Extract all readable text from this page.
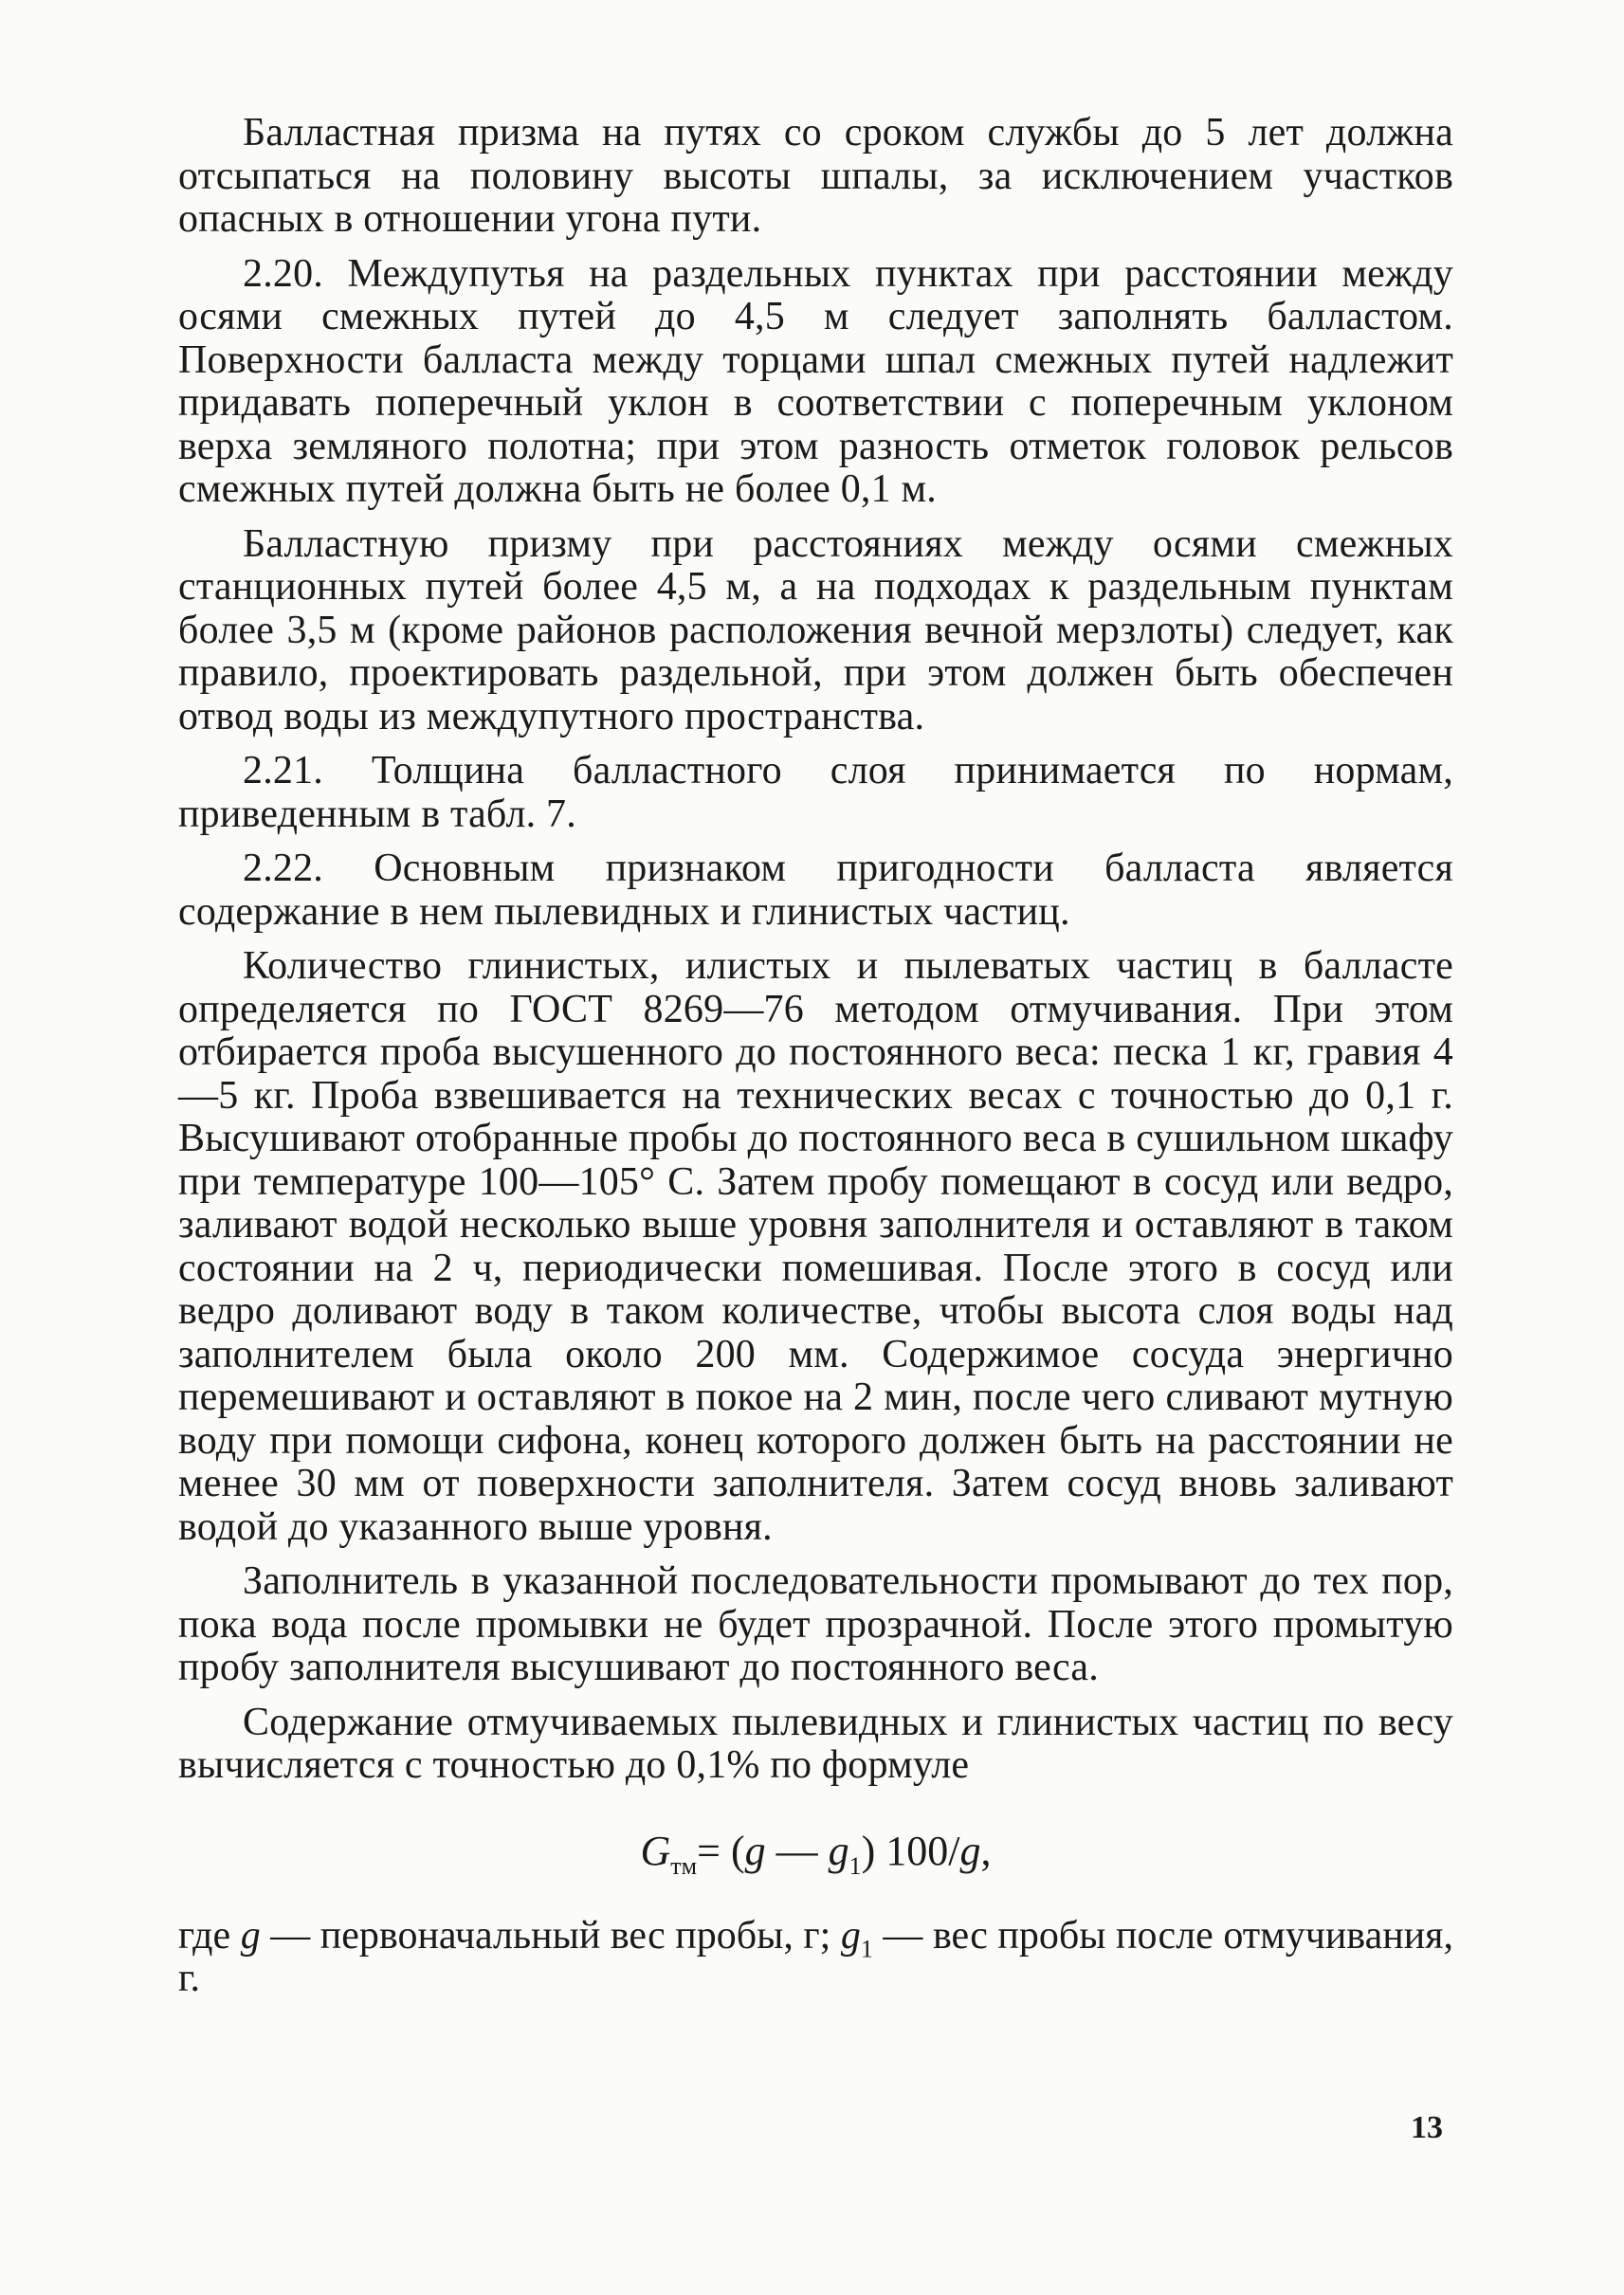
Балластная призма на путях со сроком службы до 5 лет должна отсыпаться на половину высоты шпалы, за исключением участков опасных в отношении угона пути.

2.20. Междупутья на раздельных пунктах при расстоянии между осями смежных путей до 4,5 м следует заполнять балластом. Поверхности балласта между торцами шпал смежных путей надлежит придавать поперечный уклон в соответствии с поперечным уклоном верха земляного полотна; при этом разность отметок головок рельсов смежных путей должна быть не более 0,1 м.

Балластную призму при расстояниях между осями смежных станционных путей более 4,5 м, а на подходах к раздельным пунктам более 3,5 м (кроме районов расположения вечной мерзлоты) следует, как правило, проектировать раздельной, при этом должен быть обеспечен отвод воды из междупутного пространства.

2.21. Толщина балластного слоя принимается по нормам, приведенным в табл. 7.

2.22. Основным признаком пригодности балласта является содержание в нем пылевидных и глинистых частиц.

Количество глинистых, илистых и пылеватых частиц в балласте определяется по ГОСТ 8269—76 методом отмучивания. При этом отбирается проба высушенного до постоянного веса: песка 1 кг, гравия 4—5 кг. Проба взвешивается на технических весах с точностью до 0,1 г. Высушивают отобранные пробы до постоянного веса в сушильном шкафу при температуре 100—105° С. Затем пробу помещают в сосуд или ведро, заливают водой несколько выше уровня заполнителя и оставляют в таком состоянии на 2 ч, периодически помешивая. После этого в сосуд или ведро доливают воду в таком количестве, чтобы высота слоя воды над заполнителем была около 200 мм. Содержимое сосуда энергично перемешивают и оставляют в покое на 2 мин, после чего сливают мутную воду при помощи сифона, конец которого должен быть на расстоянии не менее 30 мм от поверхности заполнителя. Затем сосуд вновь заливают водой до указанного выше уровня.

Заполнитель в указанной последовательности промывают до тех пор, пока вода после промывки не будет прозрачной. После этого промытую пробу заполнителя высушивают до постоянного веса.

Содержание отмучиваемых пылевидных и глинистых частиц по весу вычисляется с точностью до 0,1% по формуле

$G_{тм}= (g$ — $g_1$) 100/g,

где g — первоначальный вес пробы, г; $g_1$ — вес пробы после отмучивания, г.

13
